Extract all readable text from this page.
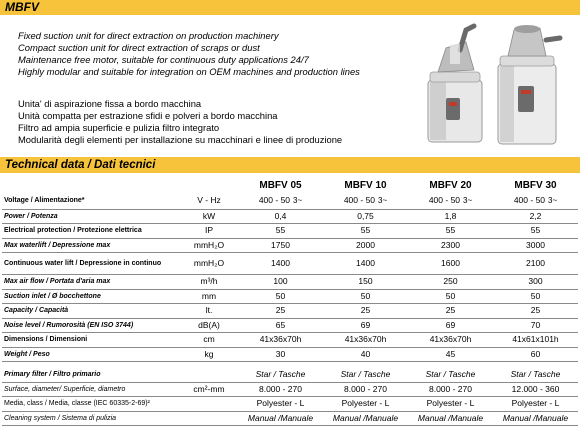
MBFV
Fixed suction unit for direct extraction on production machinery
Compact suction unit for direct extraction of scraps or dust
Maintenance free motor, suitable for continuous duty applications 24/7
Highly modular and suitable for integration on OEM machines and production lines
Unita' di aspirazione fissa a bordo macchina
Unità compatta per estrazione sfidi e polveri a bordo macchina
Filtro ad ampia superficie e pulizia filtro integrato
Modularità degli elementi per installazione su macchinari e linee di produzione
Technical data / Dati tecnici
		MBFV 05	MBFV 10	MBFV 20	MBFV 30
Voltage / Alimentazione*	V - Hz	400 - 50 3~	400 - 50 3~	400 - 50 3~	400 - 50 3~
Power / Potenza	kW	0,4	0,75	1,8	2,2
Electrical protection / Protezione elettrica	IP	55	55	55	55
Max waterlift / Depressione max	mmH₂O	1750	2000	2300	3000
Continuous water lift / Depressione in continuo	mmH₂O	1400	1400	1600	2100
Max air flow / Portata d'aria max	m³/h	100	150	250	300
Suction inlet / Ø bocchettone	mm	50	50	50	50
Capacity / Capacità	lt.	25	25	25	25
Noise level / Rumorosità (EN ISO 3744)	dB(A)	65	69	69	70
Dimensions / Dimensioni	cm	41x36x70h	41x36x70h	41x36x70h	41x61x101h
Weight / Peso	kg	30	40	45	60

Primary filter / Filtro primario		Star / Tasche	Star / Tasche	Star / Tasche	Star / Tasche
Surface, diameter/ Superficie, diametro	cm²-mm	8.000 - 270	8.000 - 270	8.000 - 270	12.000 - 360
Media, class / Media, classe (IEC 60335-2-69)²		Polyester - L	Polyester - L	Polyester - L	Polyester - L
Cleaning system / Sistema di pulizia		Manual /Manuale	Manual /Manuale	Manual /Manuale	Manual /Manuale
